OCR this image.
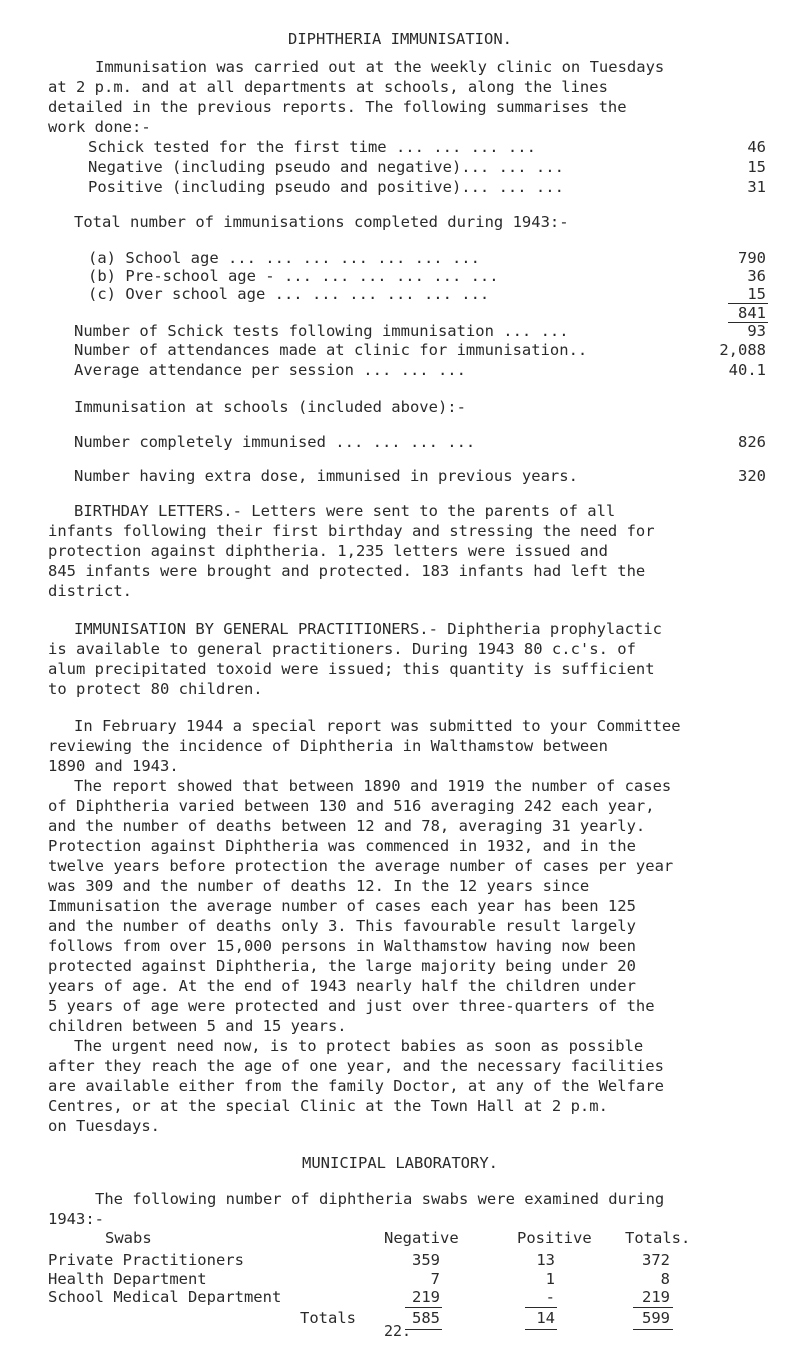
DIPHTHERIA IMMUNISATION.
Immunisation was carried out at the weekly clinic on Tuesdays
at 2 p.m. and at all departments at schools, along the lines
detailed in the previous reports. The following summarises the
work done:-
Schick tested for the first time ... ... ... ...	46
Negative (including pseudo and negative)... ... ...	15
Positive (including pseudo and positive)... ... ...	31
Total number of immunisations completed during 1943:-
(a) School age ... ... ... ... ... ... ...	790
(b) Pre-school age - ... ... ... ... ... ...	36
(c) Over school age ... ... ... ... ... ...	15
841
Number of Schick tests following immunisation ... ...	93
Number of attendances made at clinic for immunisation..	2,088
Average attendance per session ... ... ...	40.1
Immunisation at schools (included above):-
Number completely immunised ... ... ... ...	826
Number having extra dose, immunised in previous years.	320
BIRTHDAY LETTERS.- Letters were sent to the parents of all
infants following their first birthday and stressing the need for
protection against diphtheria. 1,235 letters were issued and
845 infants were brought and protected. 183 infants had left the
district.
IMMUNISATION BY GENERAL PRACTITIONERS.- Diphtheria prophylactic
is available to general practitioners. During 1943 80 c.c's. of
alum precipitated toxoid were issued; this quantity is sufficient
to protect 80 children.
In February 1944 a special report was submitted to your Committee
reviewing the incidence of Diphtheria in Walthamstow between
1890 and 1943.
The report showed that between 1890 and 1919 the number of cases
of Diphtheria varied between 130 and 516 averaging 242 each year,
and the number of deaths between 12 and 78, averaging 31 yearly.
Protection against Diphtheria was commenced in 1932, and in the
twelve years before protection the average number of cases per year
was 309 and the number of deaths 12. In the 12 years since
Immunisation the average number of cases each year has been 125
and the number of deaths only 3. This favourable result largely
follows from over 15,000 persons in Walthamstow having now been
protected against Diphtheria, the large majority being under 20
years of age. At the end of 1943 nearly half the children under
5 years of age were protected and just over three-quarters of the
children between 5 and 15 years.
The urgent need now, is to protect babies as soon as possible
after they reach the age of one year, and the necessary facilities
are available either from the family Doctor, at any of the Welfare
Centres, or at the special Clinic at the Town Hall at 2 p.m.
on Tuesdays.
MUNICIPAL LABORATORY.
The following number of diphtheria swabs were examined during
1943:-
Swabs	Negative	Positive Totals.
Private Practitioners	359	13	372
Health Department	7	1	8
School Medical Department	219	-	219
Totals	585	14	599
22.
